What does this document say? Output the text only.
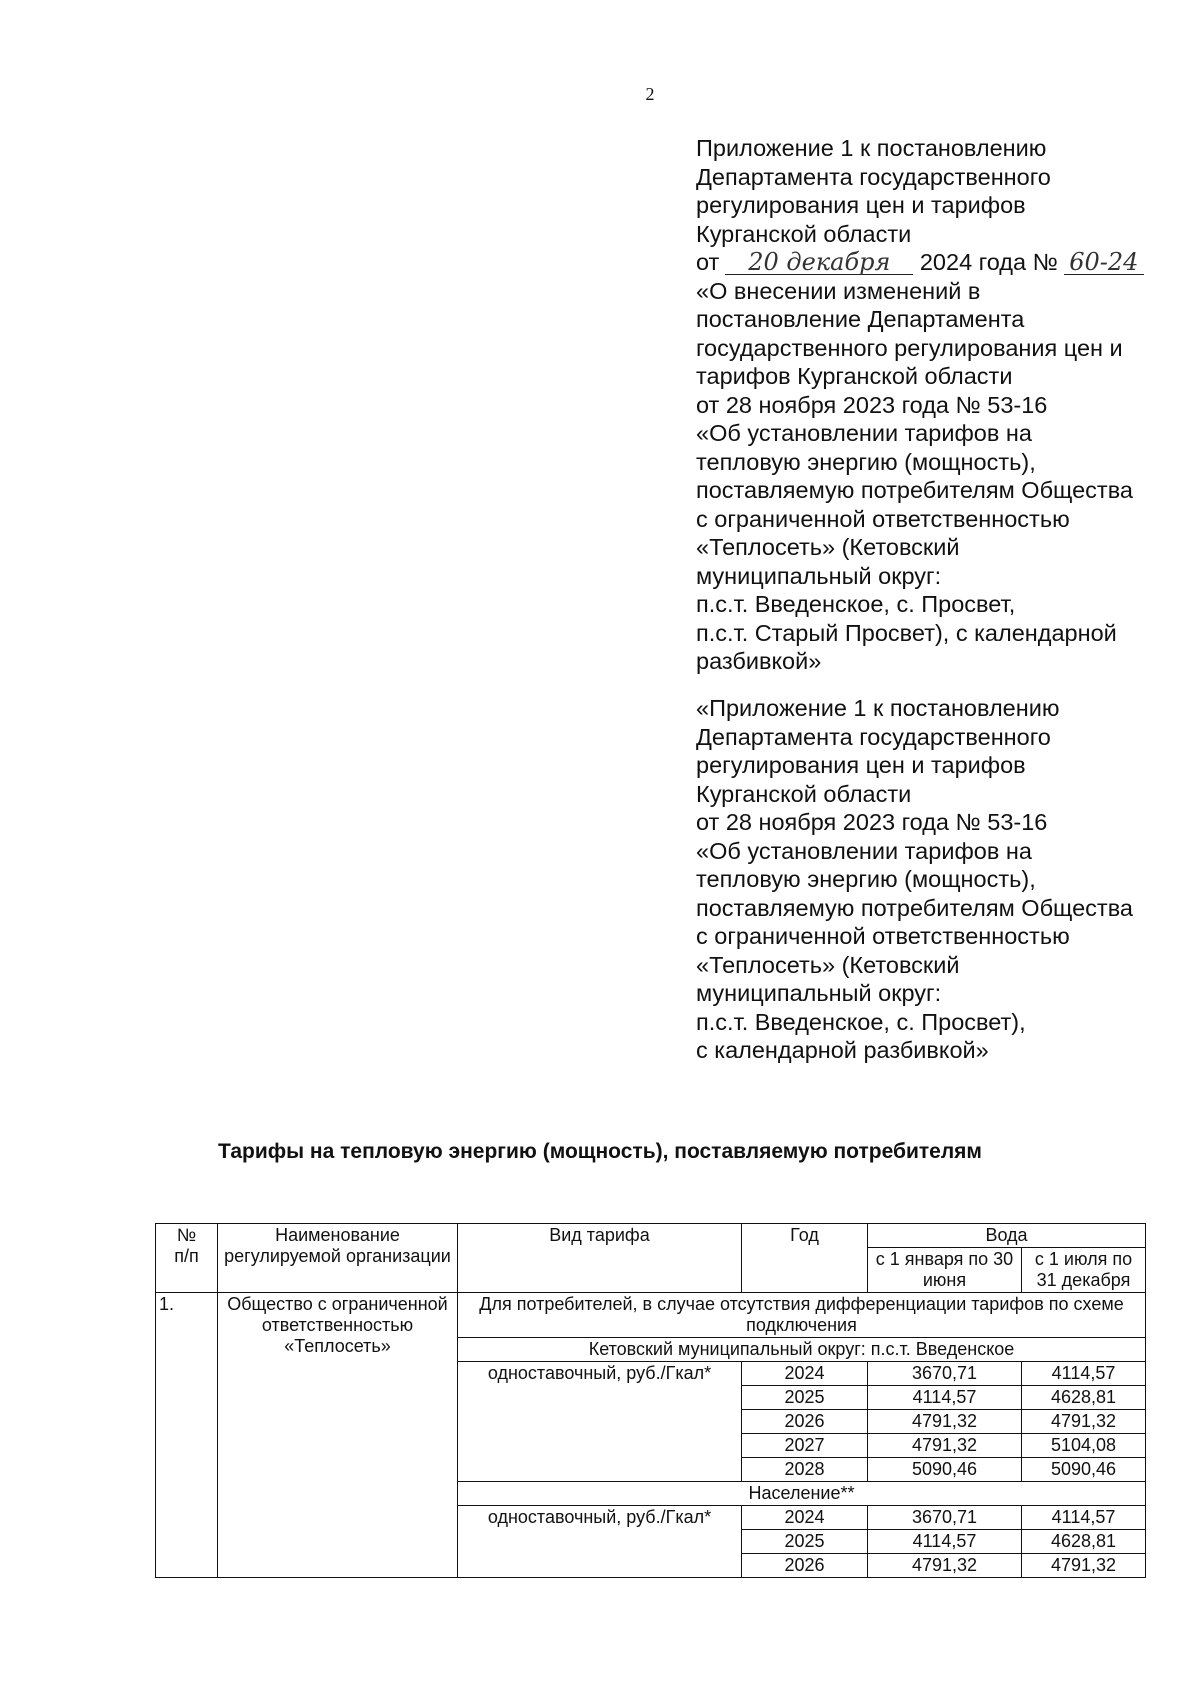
2
Приложение 1 к постановлению
Департамента государственного
регулирования цен и тарифов
Курганской области
от 20 декабря 2024 года № 60-24
«О внесении изменений в
постановление Департамента
государственного регулирования цен и
тарифов Курганской области
от 28 ноября 2023 года № 53-16
«Об установлении тарифов на
тепловую энергию (мощность),
поставляемую потребителям Общества
с ограниченной ответственностью
«Теплосеть» (Кетовский
муниципальный округ:
п.с.т. Введенское, с. Просвет,
п.с.т. Старый Просвет), с календарной
разбивкой»
«Приложение 1 к постановлению
Департамента государственного
регулирования цен и тарифов
Курганской области
от 28 ноября 2023 года № 53-16
«Об установлении тарифов на
тепловую энергию (мощность),
поставляемую потребителям Общества
с ограниченной ответственностью
«Теплосеть» (Кетовский
муниципальный округ:
п.с.т. Введенское, с. Просвет),
с календарной разбивкой»
Тарифы на тепловую энергию (мощность), поставляемую потребителям
№
п/п	Наименование регулируемой организации	Вид тарифа	Год	Вода	
				с 1 января по 30 июня	с 1 июля по 31 декабря
1.	Общество с ограниченной ответственностью «Теплосеть»	Для потребителей, в случае отсутствия дифференциации тарифов по схеме подключения			
		Кетовский муниципальный округ: п.с.т. Введенское			
		одноставочный, руб./Гкал*	2024	3670,71	4114,57
			2025	4114,57	4628,81
			2026	4791,32	4791,32
			2027	4791,32	5104,08
			2028	5090,46	5090,46
		Население**			
		одноставочный, руб./Гкал*	2024	3670,71	4114,57
			2025	4114,57	4628,81
			2026	4791,32	4791,32
